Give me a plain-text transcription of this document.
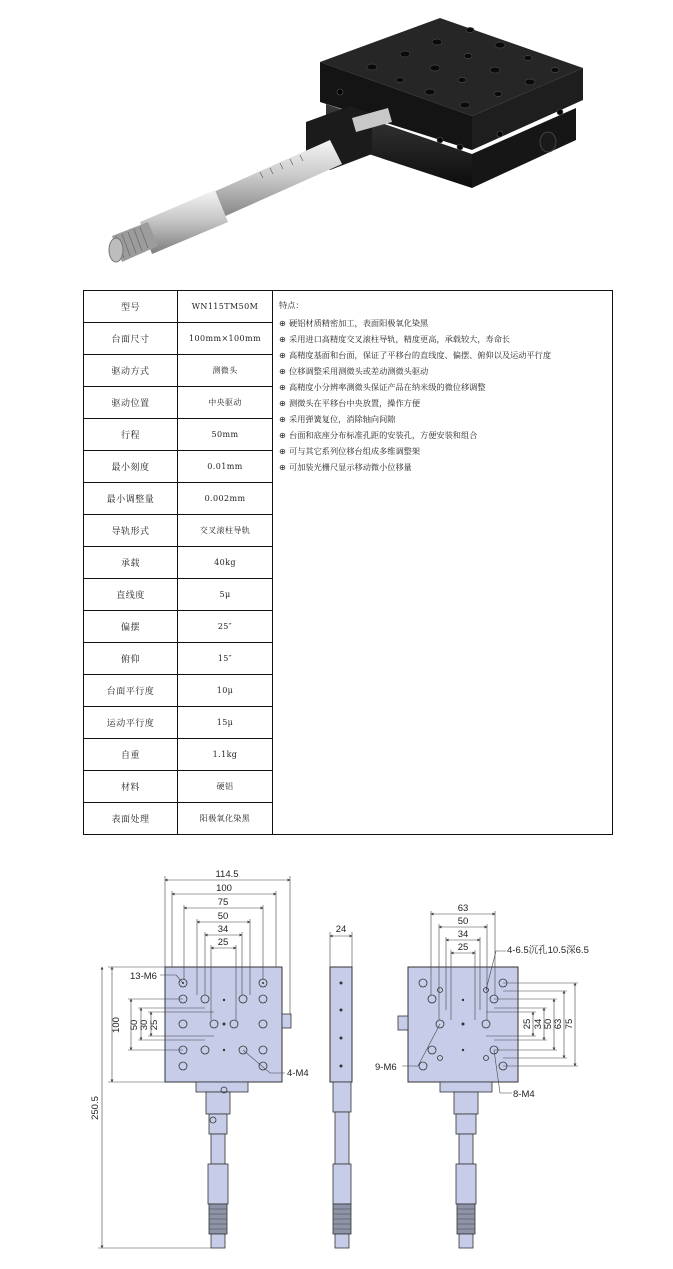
型号	WN115TM50M
台面尺寸	100mm×100mm
驱动方式	测微头
驱动位置	中央驱动
行程	50mm
最小刻度	0.01mm
最小调整量	0.002mm
导轨形式	交叉滚柱导轨
承载	40kg
直线度	5μ
偏摆	25″
俯仰	15″
台面平行度	10μ
运动平行度	15μ
自重	1.1kg
材料	硬铝
表面处理	阳极氧化染黑
特点：
⊕ 硬铝材质精密加工，表面阳极氧化染黑
⊕ 采用进口高精度交叉滚柱导轨，精度更高，承载较大，寿命长
⊕ 高精度基面和台面，保证了平移台的直线度、偏摆、俯仰以及运动平行度
⊕ 位移调整采用测微头或差动测微头驱动
⊕ 高精度小分辨率测微头保证产品在纳米级的微位移调整
⊕ 测微头在平移台中央放置，操作方便
⊕ 采用弹簧复位，消除轴向间隙
⊕ 台面和底座分布标准孔距的安装孔，方便安装和组合
⊕ 可与其它系列位移台组成多维调整架
⊕ 可加装光栅尺显示移动微小位移量
114.5
100
75
50
34
25
100 50 30 25
250.5
13-M6
4-M4
24
63
50
34
25
25 34 50 63 75
4-6.5沉孔10.5深6.5
9-M6
8-M4
